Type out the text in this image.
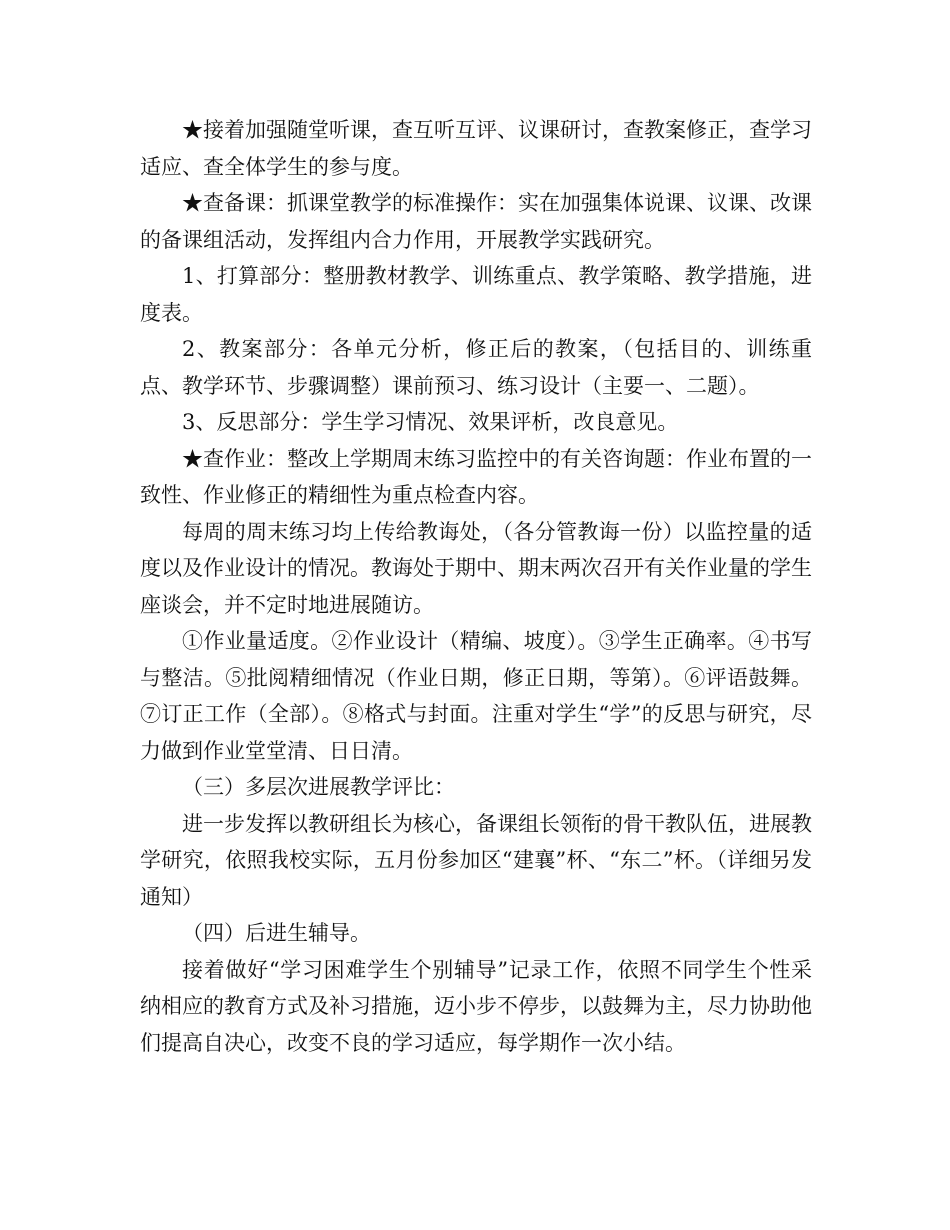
★接着加强随堂听课，查互听互评、议课研讨，查教案修正，查学习适应、查全体学生的参与度。

★查备课：抓课堂教学的标准操作：实在加强集体说课、议课、改课的备课组活动，发挥组内合力作用，开展教学实践研究。

1、打算部分：整册教材教学、训练重点、教学策略、教学措施，进度表。

2、教案部分：各单元分析，修正后的教案，（包括目的、训练重点、教学环节、步骤调整）课前预习、练习设计（主要一、二题）。

3、反思部分：学生学习情况、效果评析，改良意见。

★查作业：整改上学期周末练习监控中的有关咨询题：作业布置的一致性、作业修正的精细性为重点检查内容。

每周的周末练习均上传给教诲处，（各分管教诲一份）以监控量的适度以及作业设计的情况。教诲处于期中、期末两次召开有关作业量的学生座谈会，并不定时地进展随访。

①作业量适度。②作业设计（精编、坡度）。③学生正确率。④书写与整洁。⑤批阅精细情况（作业日期，修正日期，等第）。⑥评语鼓舞。⑦订正工作（全部）。⑧格式与封面。注重对学生“学”的反思与研究，尽力做到作业堂堂清、日日清。

（三）多层次进展教学评比：

进一步发挥以教研组长为核心，备课组长领衔的骨干教队伍，进展教学研究，依照我校实际，五月份参加区“建襄”杯、“东二”杯。（详细另发通知）

（四）后进生辅导。

接着做好“学习困难学生个别辅导”记录工作，依照不同学生个性采纳相应的教育方式及补习措施，迈小步不停步，以鼓舞为主，尽力协助他们提高自决心，改变不良的学习适应，每学期作一次小结。
